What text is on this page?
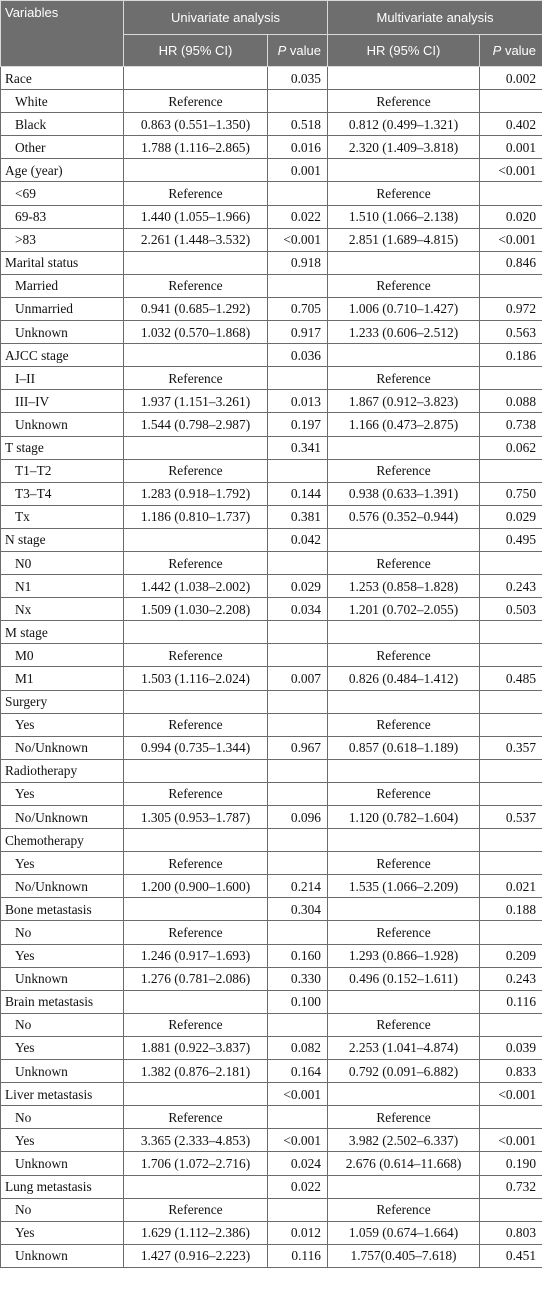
Variables	Univariate analysis		Multivariate analysis	
	HR (95% CI)	P value	HR (95% CI)	P value
Race		0.035		0.002
White	Reference		Reference	
Black	0.863 (0.551–1.350)	0.518	0.812 (0.499–1.321)	0.402
Other	1.788 (1.116–2.865)	0.016	2.320 (1.409–3.818)	0.001
Age (year)		0.001		<0.001
<69	Reference		Reference	
69-83	1.440 (1.055–1.966)	0.022	1.510 (1.066–2.138)	0.020
>83	2.261 (1.448–3.532)	<0.001	2.851 (1.689–4.815)	<0.001
Marital status		0.918		0.846
Married	Reference		Reference	
Unmarried	0.941 (0.685–1.292)	0.705	1.006 (0.710–1.427)	0.972
Unknown	1.032 (0.570–1.868)	0.917	1.233 (0.606–2.512)	0.563
AJCC stage		0.036		0.186
I–II	Reference		Reference	
III–IV	1.937 (1.151–3.261)	0.013	1.867 (0.912–3.823)	0.088
Unknown	1.544 (0.798–2.987)	0.197	1.166 (0.473–2.875)	0.738
T stage		0.341		0.062
T1–T2	Reference		Reference	
T3–T4	1.283 (0.918–1.792)	0.144	0.938 (0.633–1.391)	0.750
Tx	1.186 (0.810–1.737)	0.381	0.576 (0.352–0.944)	0.029
N stage		0.042		0.495
N0	Reference		Reference	
N1	1.442 (1.038–2.002)	0.029	1.253 (0.858–1.828)	0.243
Nx	1.509 (1.030–2.208)	0.034	1.201 (0.702–2.055)	0.503
M stage				
M0	Reference		Reference	
M1	1.503 (1.116–2.024)	0.007	0.826 (0.484–1.412)	0.485
Surgery				
Yes	Reference		Reference	
No/Unknown	0.994 (0.735–1.344)	0.967	0.857 (0.618–1.189)	0.357
Radiotherapy				
Yes	Reference		Reference	
No/Unknown	1.305 (0.953–1.787)	0.096	1.120 (0.782–1.604)	0.537
Chemotherapy				
Yes	Reference		Reference	
No/Unknown	1.200 (0.900–1.600)	0.214	1.535 (1.066–2.209)	0.021
Bone metastasis		0.304		0.188
No	Reference		Reference	
Yes	1.246 (0.917–1.693)	0.160	1.293 (0.866–1.928)	0.209
Unknown	1.276 (0.781–2.086)	0.330	0.496 (0.152–1.611)	0.243
Brain metastasis		0.100		0.116
No	Reference		Reference	
Yes	1.881 (0.922–3.837)	0.082	2.253 (1.041–4.874)	0.039
Unknown	1.382 (0.876–2.181)	0.164	0.792 (0.091–6.882)	0.833
Liver metastasis		<0.001		<0.001
No	Reference		Reference	
Yes	3.365 (2.333–4.853)	<0.001	3.982 (2.502–6.337)	<0.001
Unknown	1.706 (1.072–2.716)	0.024	2.676 (0.614–11.668)	0.190
Lung metastasis		0.022		0.732
No	Reference		Reference	
Yes	1.629 (1.112–2.386)	0.012	1.059 (0.674–1.664)	0.803
Unknown	1.427 (0.916–2.223)	0.116	1.757(0.405–7.618)	0.451
